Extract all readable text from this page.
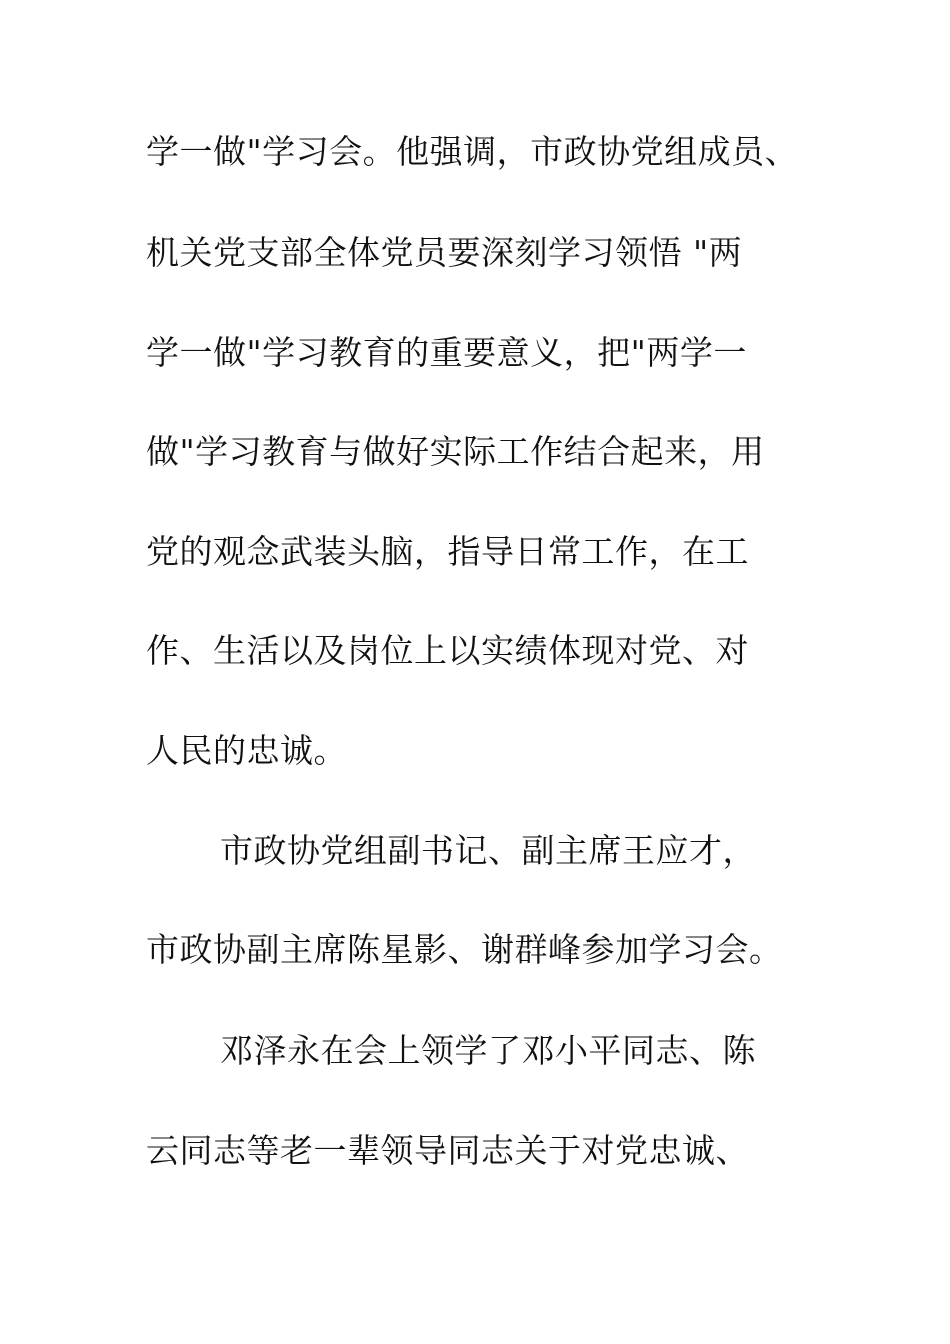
学一做"学习会。他强调，市政协党组成员、
机关党支部全体党员要深刻学习领悟 "两
学一做"学习教育的重要意义，把"两学一
做"学习教育与做好实际工作结合起来，用
党的观念武装头脑，指导日常工作，在工
作、生活以及岗位上以实绩体现对党、对
人民的忠诚。
市政协党组副书记、副主席王应才，
市政协副主席陈星影、谢群峰参加学习会。
邓泽永在会上领学了邓小平同志、陈
云同志等老一辈领导同志关于对党忠诚、
